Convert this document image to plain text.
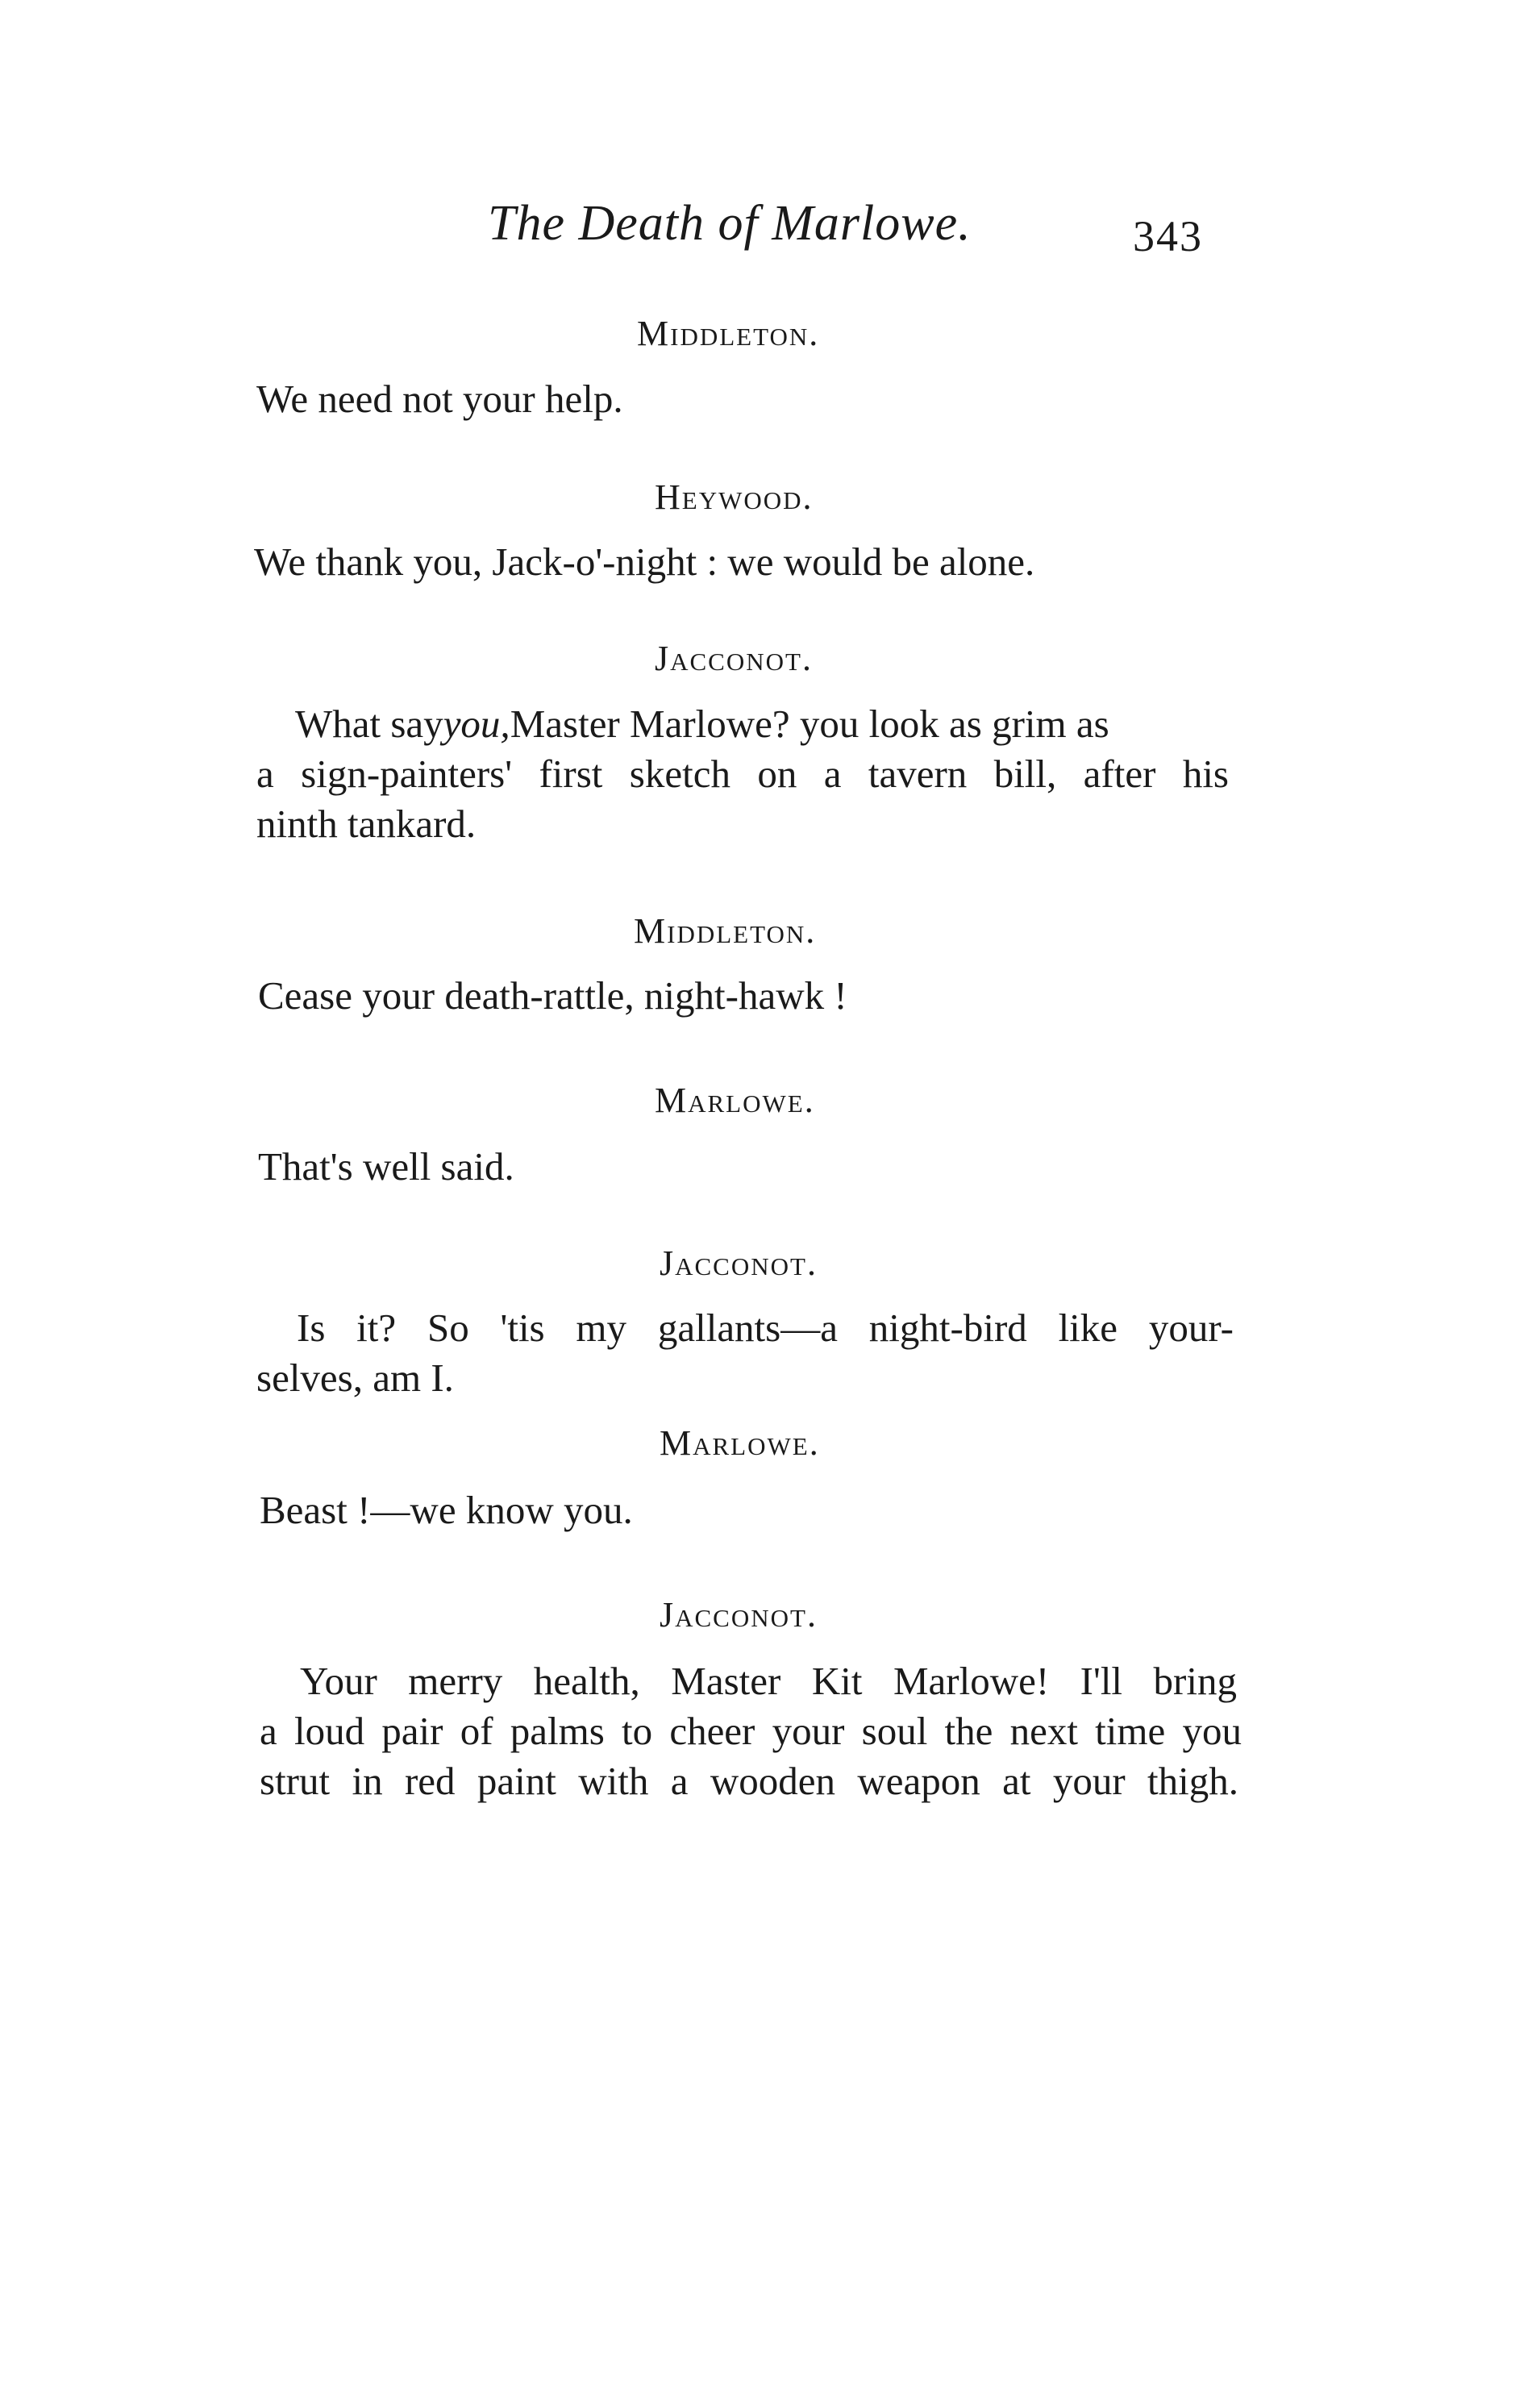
The Death of Marlowe.	343
Middleton.
We need not your help.
Heywood.
We thank you, Jack-o'-night : we would be alone.
Jacconot.
What sayyou,Master Marlowe? you look as grim as
a sign-painters' first sketch on a tavern bill, after his
ninth tankard.
Middleton.
Cease your death-rattle, night-hawk !
Marlowe.
That's well said.
Jacconot.
Is it? So 'tis my gallants—a night-bird like your-
selves, am I.
Marlowe.
Beast !—we know you.
Jacconot.
Your merry health, Master Kit Marlowe! I'll bring
a loud pair of palms to cheer your soul the next time you
strut in red paint with a wooden weapon at your thigh.
